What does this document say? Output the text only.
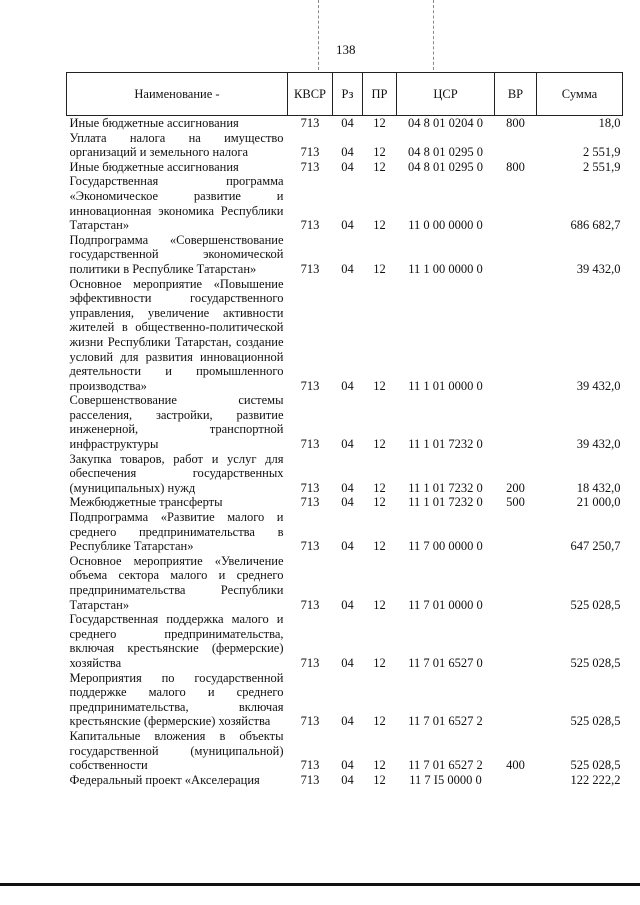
138
Наименование -	КВСР	Рз	ПР	ЦСР	ВР	Сумма
Иные бюджетные ассигнования	713	04	12	04 8 01 0204 0	800	18,0
Уплата налога на имущество организаций и земельного налога	713	04	12	04 8 01 0295 0		2 551,9
Иные бюджетные ассигнования	713	04	12	04 8 01 0295 0	800	2 551,9
Государственная программа «Экономическое развитие и инновационная экономика Республики Татарстан»	713	04	12	11 0 00 0000 0		686 682,7
Подпрограмма «Совершенствование государственной экономической политики в Республике Татарстан»	713	04	12	11 1 00 0000 0		39 432,0
Основное мероприятие «Повышение эффективности государственного управления, увеличение активности жителей в общественно-политической жизни Республики Татарстан, создание условий для развития инновационной деятельности и промышленного производства»	713	04	12	11 1 01 0000 0		39 432,0
Совершенствование системы расселения, застройки, развитие инженерной, транспортной инфраструктуры	713	04	12	11 1 01 7232 0		39 432,0
Закупка товаров, работ и услуг для обеспечения государственных (муниципальных) нужд	713	04	12	11 1 01 7232 0	200	18 432,0
Межбюджетные трансферты	713	04	12	11 1 01 7232 0	500	21 000,0
Подпрограмма «Развитие малого и среднего предпринимательства в Республике Татарстан»	713	04	12	11 7 00 0000 0		647 250,7
Основное мероприятие «Увеличение объема сектора малого и среднего предпринимательства Республики Татарстан»	713	04	12	11 7 01 0000 0		525 028,5
Государственная поддержка малого и среднего предпринимательства, включая крестьянские (фермерские) хозяйства	713	04	12	11 7 01 6527 0		525 028,5
Мероприятия по государственной поддержке малого и среднего предпринимательства, включая крестьянские (фермерские) хозяйства	713	04	12	11 7 01 6527 2		525 028,5
Капитальные вложения в объекты государственной (муниципальной) собственности	713	04	12	11 7 01 6527 2	400	525 028,5
Федеральный проект «Акселерация	713	04	12	11 7 I5 0000 0		122 222,2
